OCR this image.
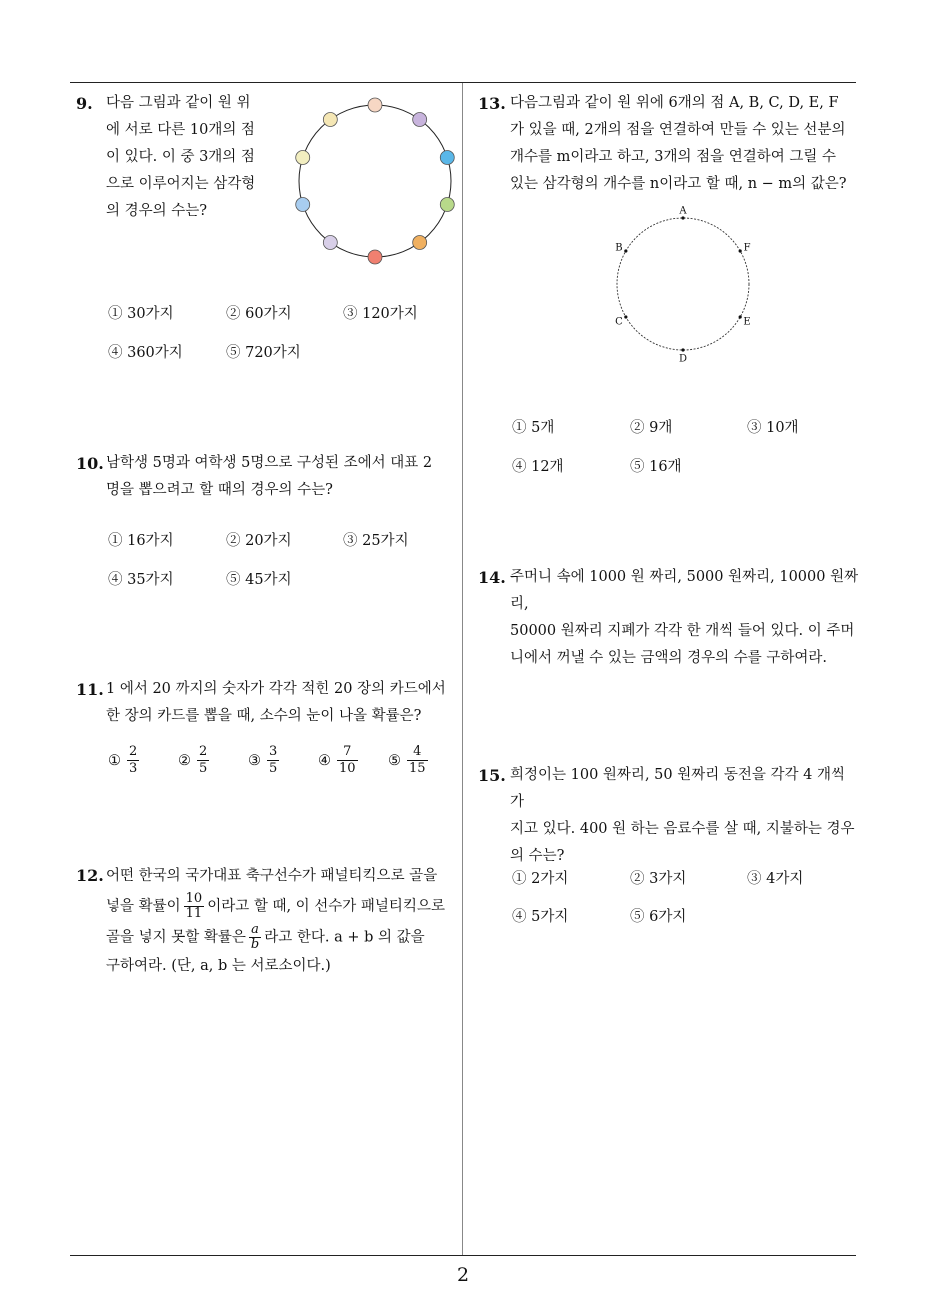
2
9. 다음 그림과 같이 원 위
에 서로 다른 10개의 점
이 있다. 이 중 3개의 점
으로 이루어지는 삼각형
의 경우의 수는?
① 30가지	② 60가지	③ 120가지
④ 360가지	⑤ 720가지
10. 남학생 5명과 여학생 5명으로 구성된 조에서 대표 2
명을 뽑으려고 할 때의 경우의 수는?
① 16가지	② 20가지	③ 25가지
④ 35가지	⑤ 45가지
11. 1 에서 20 까지의 숫자가 각각 적힌 20 장의 카드에서
한 장의 카드를 뽑을 때, 소수의 눈이 나올 확률은?
① $\frac{2}{3}$	② $\frac{2}{5}$	③ $\frac{3}{5}$	④ $\frac{7}{10}$ ⑤ $\frac{4}{15}$
12. 어떤 한국의 국가대표 축구선수가 패널티킥으로 골을
넣을 확률이 $\frac{10}{11}$ 이라고 할 때, 이 선수가 패널티킥으로
골을 넣지 못할 확률은 $\frac{a}{b}$ 라고 한다. a + b 의 값을
구하여라. (단, a, b 는 서로소이다.)
13. 다음그림과 같이 원 위에 6개의 점 A, B, C, D, E, F
가 있을 때, 2개의 점을 연결하여 만들 수 있는 선분의
개수를 m이라고 하고, 3개의 점을 연결하여 그릴 수
있는 삼각형의 개수를 n이라고 할 때, n − m의 값은?
A
B
C
D
E
F
① 5개	② 9개	③ 10개
④ 12개	⑤ 16개
14. 주머니 속에 1000 원 짜리, 5000 원짜리, 10000 원짜리,
50000 원짜리 지폐가 각각 한 개씩 들어 있다. 이 주머
니에서 꺼낼 수 있는 금액의 경우의 수를 구하여라.
15. 희정이는 100 원짜리, 50 원짜리 동전을 각각 4 개씩 가
지고 있다. 400 원 하는 음료수를 살 때, 지불하는 경우
의 수는?
① 2가지	② 3가지	③ 4가지
④ 5가지	⑤ 6가지
